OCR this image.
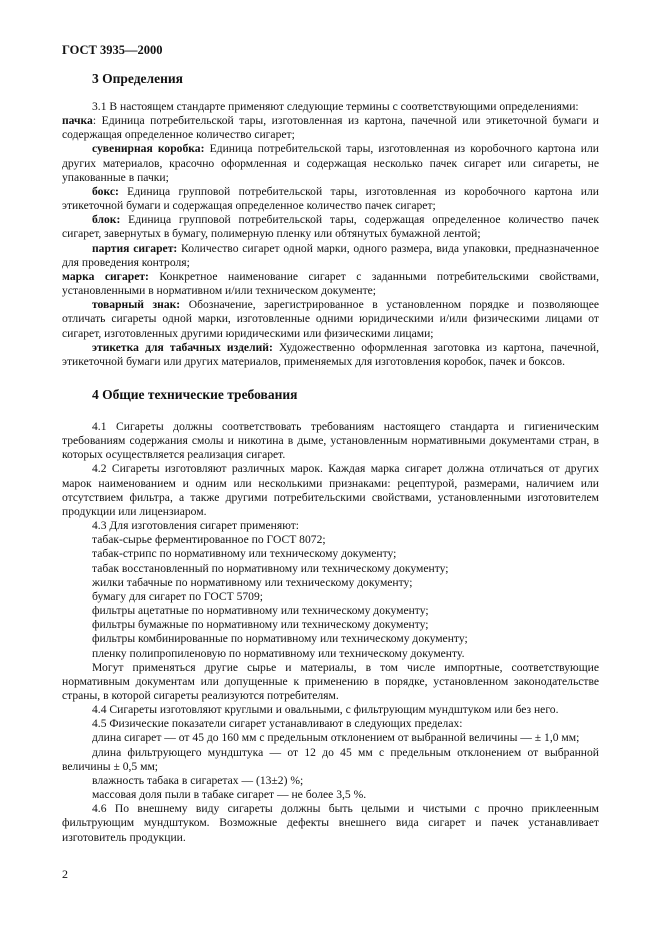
ГОСТ 3935—2000
3 Определения

3.1 В настоящем стандарте применяют следующие термины с соответствующими определениями:

пачка: Единица потребительской тары, изготовленная из картона, пачечной или этикеточной бумаги и содержащая определенное количество сигарет;

сувенирная коробка: Единица потребительской тары, изготовленная из коробочного картона или других материалов, красочно оформленная и содержащая несколько пачек сигарет или сигареты, не упакованные в пачки;

бокс: Единица групповой потребительской тары, изготовленная из коробочного картона или этикеточной бумаги и содержащая определенное количество пачек сигарет;

блок: Единица групповой потребительской тары, содержащая определенное количество пачек сигарет, завернутых в бумагу, полимерную пленку или обтянутых бумажной лентой;

партия сигарет: Количество сигарет одной марки, одного размера, вида упаковки, предназначенное для проведения контроля;

марка сигарет: Конкретное наименование сигарет с заданными потребительскими свойствами, установленными в нормативном и/или техническом документе;

товарный знак: Обозначение, зарегистрированное в установленном порядке и позволяющее отличать сигареты одной марки, изготовленные одними юридическими и/или физическими лицами от сигарет, изготовленных другими юридическими или физическими лицами;

этикетка для табачных изделий: Художественно оформленная заготовка из картона, пачечной, этикеточной бумаги или других материалов, применяемых для изготовления коробок, пачек и боксов.

4 Общие технические требования

4.1 Сигареты должны соответствовать требованиям настоящего стандарта и гигиеническим требованиям содержания смолы и никотина в дыме, установленным нормативными документами стран, в которых осуществляется реализация сигарет.

4.2 Сигареты изготовляют различных марок. Каждая марка сигарет должна отличаться от других марок наименованием и одним или несколькими признаками: рецептурой, размерами, наличием или отсутствием фильтра, а также другими потребительскими свойствами, установленными изготовителем продукции или лицензиаром.

4.3 Для изготовления сигарет применяют:

табак-сырье ферментированное по ГОСТ 8072;

табак-стрипс по нормативному или техническому документу;

табак восстановленный по нормативному или техническому документу;

жилки табачные по нормативному или техническому документу;

бумагу для сигарет по ГОСТ 5709;

фильтры ацетатные по нормативному или техническому документу;

фильтры бумажные по нормативному или техническому документу;

фильтры комбинированные по нормативному или техническому документу;

пленку полипропиленовую по нормативному или техническому документу.

Могут применяться другие сырье и материалы, в том числе импортные, соответствующие нормативным документам или допущенные к применению в порядке, установленном законодательстве страны, в которой сигареты реализуются потребителям.

4.4 Сигареты изготовляют круглыми и овальными, с фильтрующим мундштуком или без него.

4.5 Физические показатели сигарет устанавливают в следующих пределах:

длина сигарет — от 45 до 160 мм с предельным отклонением от выбранной величины — ± 1,0 мм;

длина фильтрующего мундштука — от 12 до 45 мм с предельным отклонением от выбранной величины ± 0,5 мм;

влажность табака в сигаретах — (13±2) %;

массовая доля пыли в табаке сигарет — не более 3,5 %.

4.6 По внешнему виду сигареты должны быть целыми и чистыми с прочно приклеенным фильтрующим мундштуком. Возможные дефекты внешнего вида сигарет и пачек устанавливает изготовитель продукции.

2
